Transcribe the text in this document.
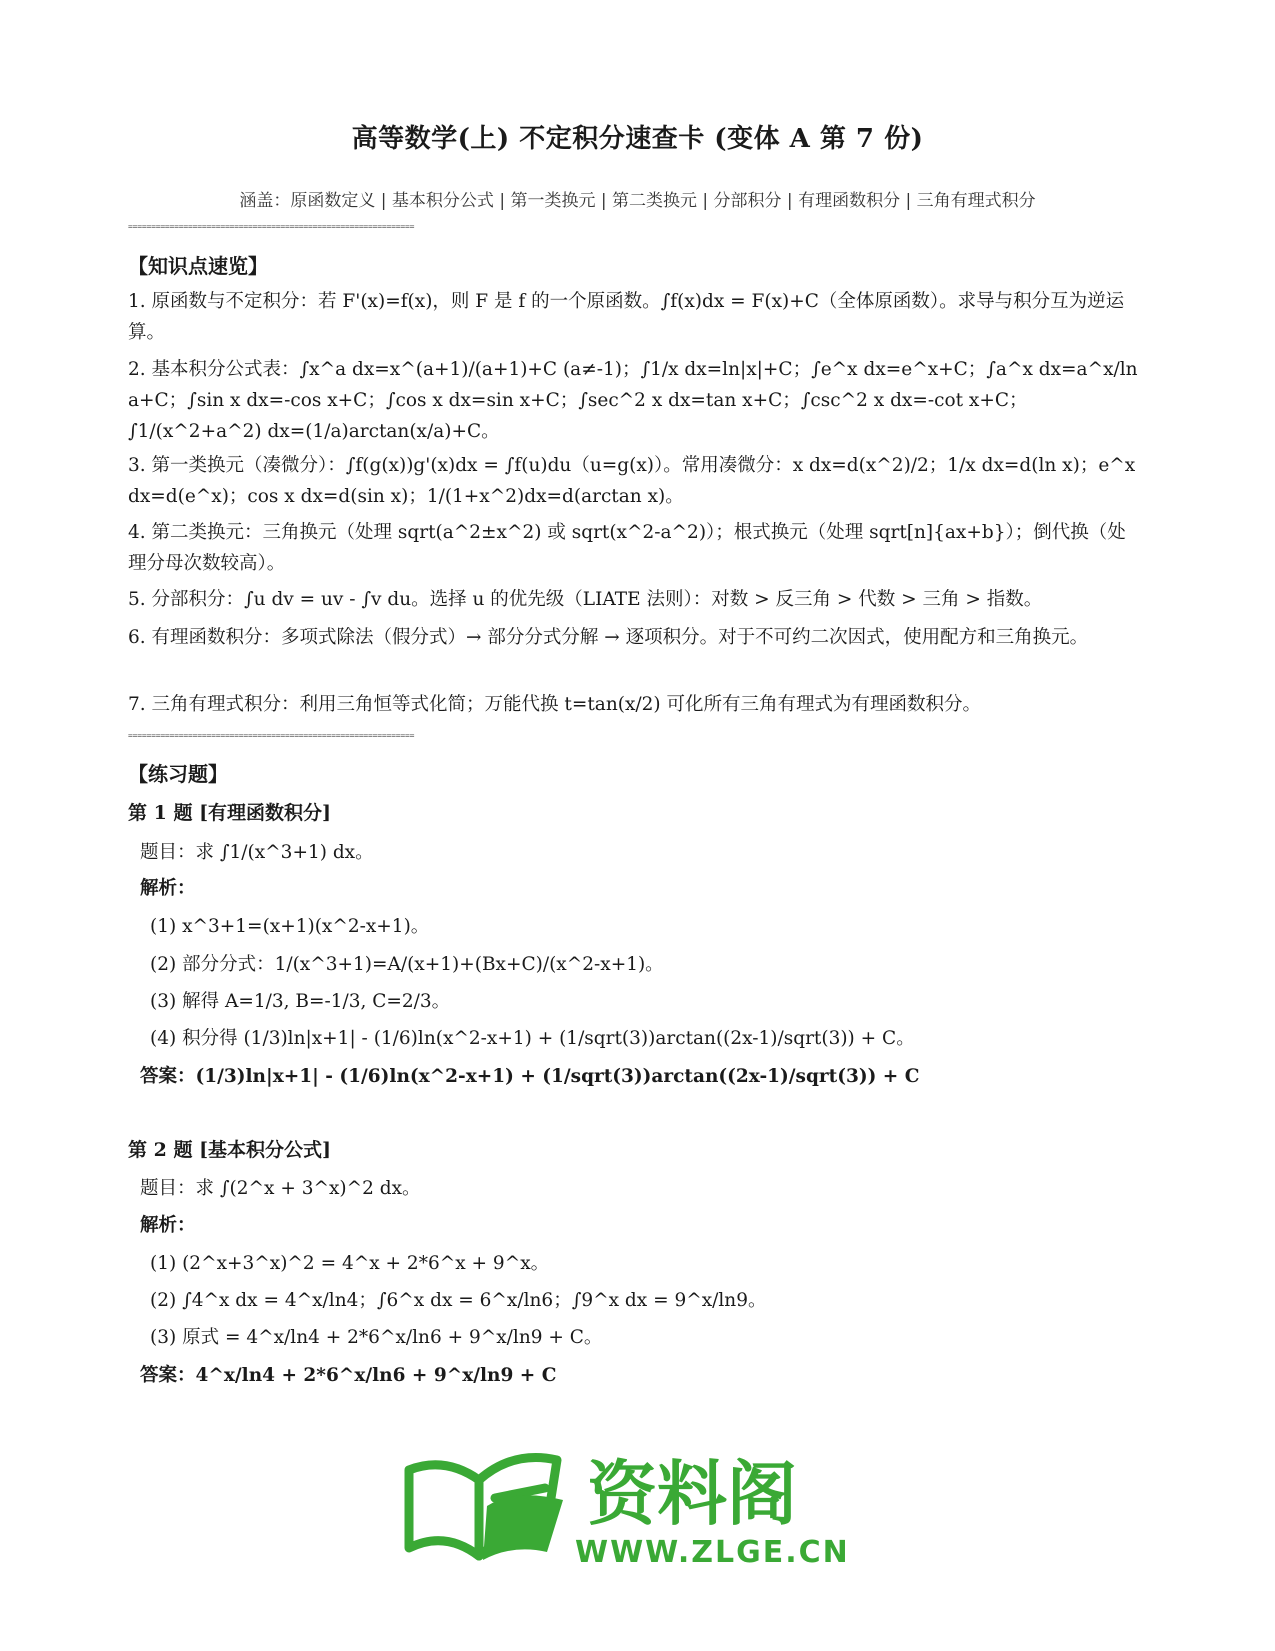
高等数学(上) 不定积分速查卡 (变体 A 第 7 份)
涵盖：原函数定义 | 基本积分公式 | 第一类换元 | 第二类换元 | 分部积分 | 有理函数积分 | 三角有理式积分
==============================================================
【知识点速览】
1. 原函数与不定积分：若 F'(x)=f(x)，则 F 是 f 的一个原函数。∫f(x)dx = F(x)+C（全体原函数）。求导与积分互为逆运算。
2. 基本积分公式表：∫x^a dx=x^(a+1)/(a+1)+C (a≠-1)；∫1/x dx=ln|x|+C；∫e^x dx=e^x+C；∫a^x dx=a^x/ln a+C；∫sin x dx=-cos x+C；∫cos x dx=sin x+C；∫sec^2 x dx=tan x+C；∫csc^2 x dx=-cot x+C；∫1/(x^2+a^2) dx=(1/a)arctan(x/a)+C。
3. 第一类换元（凑微分）：∫f(g(x))g'(x)dx = ∫f(u)du（u=g(x)）。常用凑微分：x dx=d(x^2)/2；1/x dx=d(ln x)；e^x dx=d(e^x)；cos x dx=d(sin x)；1/(1+x^2)dx=d(arctan x)。
4. 第二类换元：三角换元（处理 sqrt(a^2±x^2) 或 sqrt(x^2-a^2)）；根式换元（处理 sqrt[n]{ax+b}）；倒代换（处理分母次数较高）。
5. 分部积分：∫u dv = uv - ∫v du。选择 u 的优先级（LIATE 法则）：对数 > 反三角 > 代数 > 三角 > 指数。
6. 有理函数积分：多项式除法（假分式）→ 部分分式分解 → 逐项积分。对于不可约二次因式，使用配方和三角换元。
7. 三角有理式积分：利用三角恒等式化简；万能代换 t=tan(x/2) 可化所有三角有理式为有理函数积分。
==============================================================
【练习题】
第 1 题 [有理函数积分]
题目：求 ∫1/(x^3+1) dx。
解析：
(1) x^3+1=(x+1)(x^2-x+1)。
(2) 部分分式：1/(x^3+1)=A/(x+1)+(Bx+C)/(x^2-x+1)。
(3) 解得 A=1/3, B=-1/3, C=2/3。
(4) 积分得 (1/3)ln|x+1| - (1/6)ln(x^2-x+1) + (1/sqrt(3))arctan((2x-1)/sqrt(3)) + C。
答案：(1/3)ln|x+1| - (1/6)ln(x^2-x+1) + (1/sqrt(3))arctan((2x-1)/sqrt(3)) + C
第 2 题 [基本积分公式]
题目：求 ∫(2^x + 3^x)^2 dx。
解析：
(1) (2^x+3^x)^2 = 4^x + 2*6^x + 9^x。
(2) ∫4^x dx = 4^x/ln4；∫6^x dx = 6^x/ln6；∫9^x dx = 9^x/ln9。
(3) 原式 = 4^x/ln4 + 2*6^x/ln6 + 9^x/ln9 + C。
答案：4^x/ln4 + 2*6^x/ln6 + 9^x/ln9 + C
资料阁
WWW.ZLGE.CN
